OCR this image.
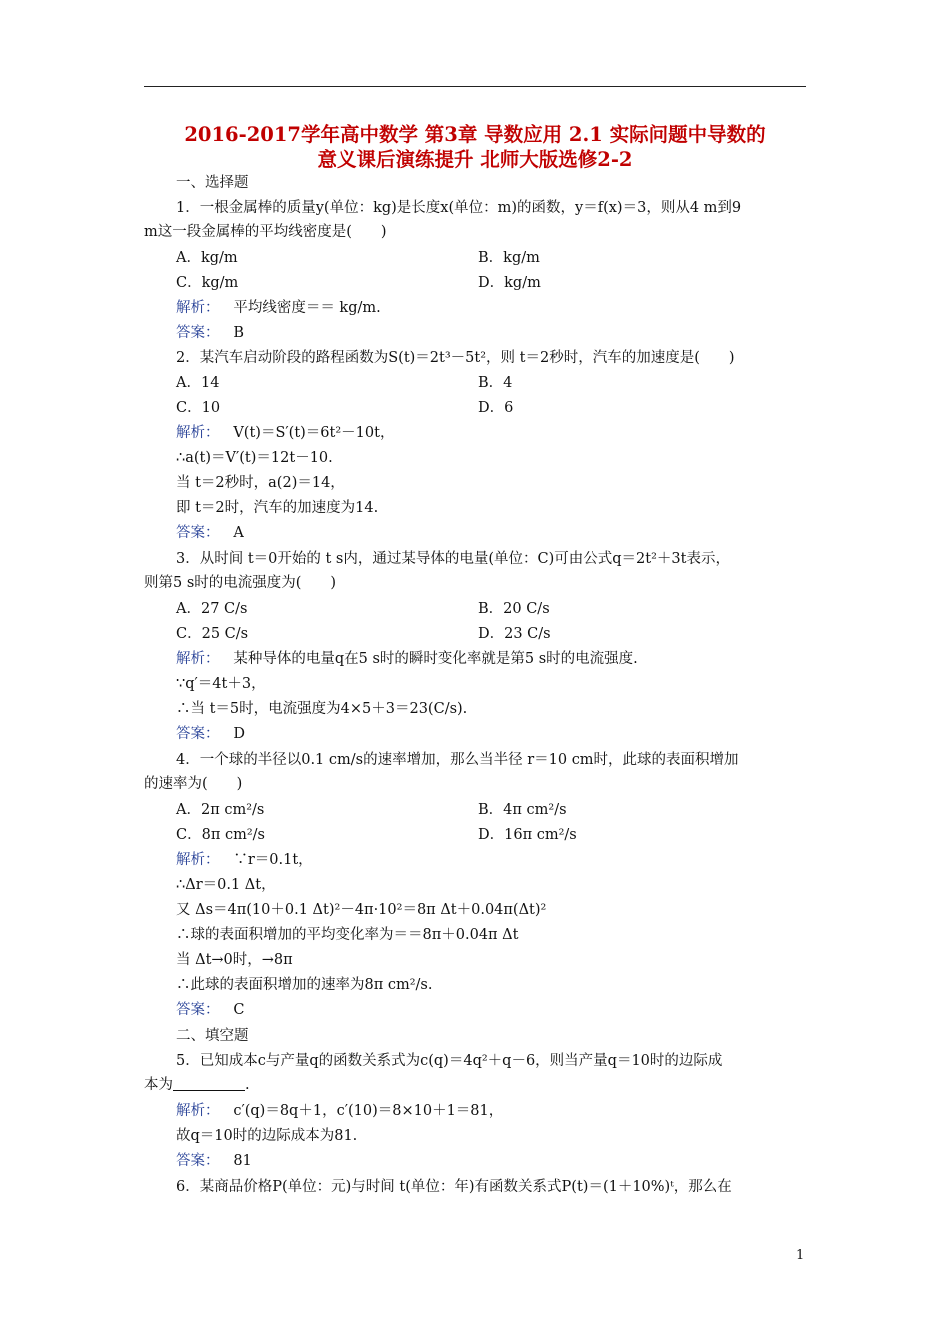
2016-2017学年高中数学 第3章 导数应用 2.1 实际问题中导数的
意义课后演练提升 北师大版选修2-2
一、选择题
1．一根金属棒的质量y(单位：kg)是长度x(单位：m)的函数，y＝f(x)＝3，则从4 m到9
m这一段金属棒的平均线密度是(　　)
A．kg/m	B．kg/m
C．kg/m	D．kg/m
解析： 平均线密度＝＝ kg/m.
答案： B
2．某汽车启动阶段的路程函数为S(t)＝2t³－5t²，则 t＝2秒时，汽车的加速度是(　　)
A．14	B．4
C．10	D．6
解析： V(t)＝S′(t)＝6t²－10t，
∴a(t)＝V′(t)＝12t－10.
当 t＝2秒时，a(2)＝14，
即 t＝2时，汽车的加速度为14.
答案： A
3．从时间 t＝0开始的 t s内，通过某导体的电量(单位：C)可由公式q＝2t²＋3t表示，
则第5 s时的电流强度为(　　)
A．27 C/s	B．20 C/s
C．25 C/s	D．23 C/s
解析： 某种导体的电量q在5 s时的瞬时变化率就是第5 s时的电流强度.
∵q′＝4t＋3，
∴当 t＝5时，电流强度为4×5＋3＝23(C/s).
答案： D
4．一个球的半径以0.1 cm/s的速率增加，那么当半径 r＝10 cm时，此球的表面积增加
的速率为(　　)
A．2π cm²/s	B．4π cm²/s
C．8π cm²/s	D．16π cm²/s
解析： ∵r＝0.1t，
∴Δr＝0.1 Δt，
又 Δs＝4π(10＋0.1 Δt)²－4π·10²＝8π Δt＋0.04π(Δt)²
∴球的表面积增加的平均变化率为＝＝8π＋0.04π Δt
当 Δt→0时，→8π
∴此球的表面积增加的速率为8π cm²/s.
答案： C
二、填空题
5．已知成本c与产量q的函数关系式为c(q)＝4q²＋q－6，则当产量q＝10时的边际成
本为	.
解析： c′(q)＝8q＋1，c′(10)＝8×10＋1＝81，
故q＝10时的边际成本为81.
答案： 81
6．某商品价格P(单位：元)与时间 t(单位：年)有函数关系式P(t)＝(1＋10%)ᵗ，那么在
1
